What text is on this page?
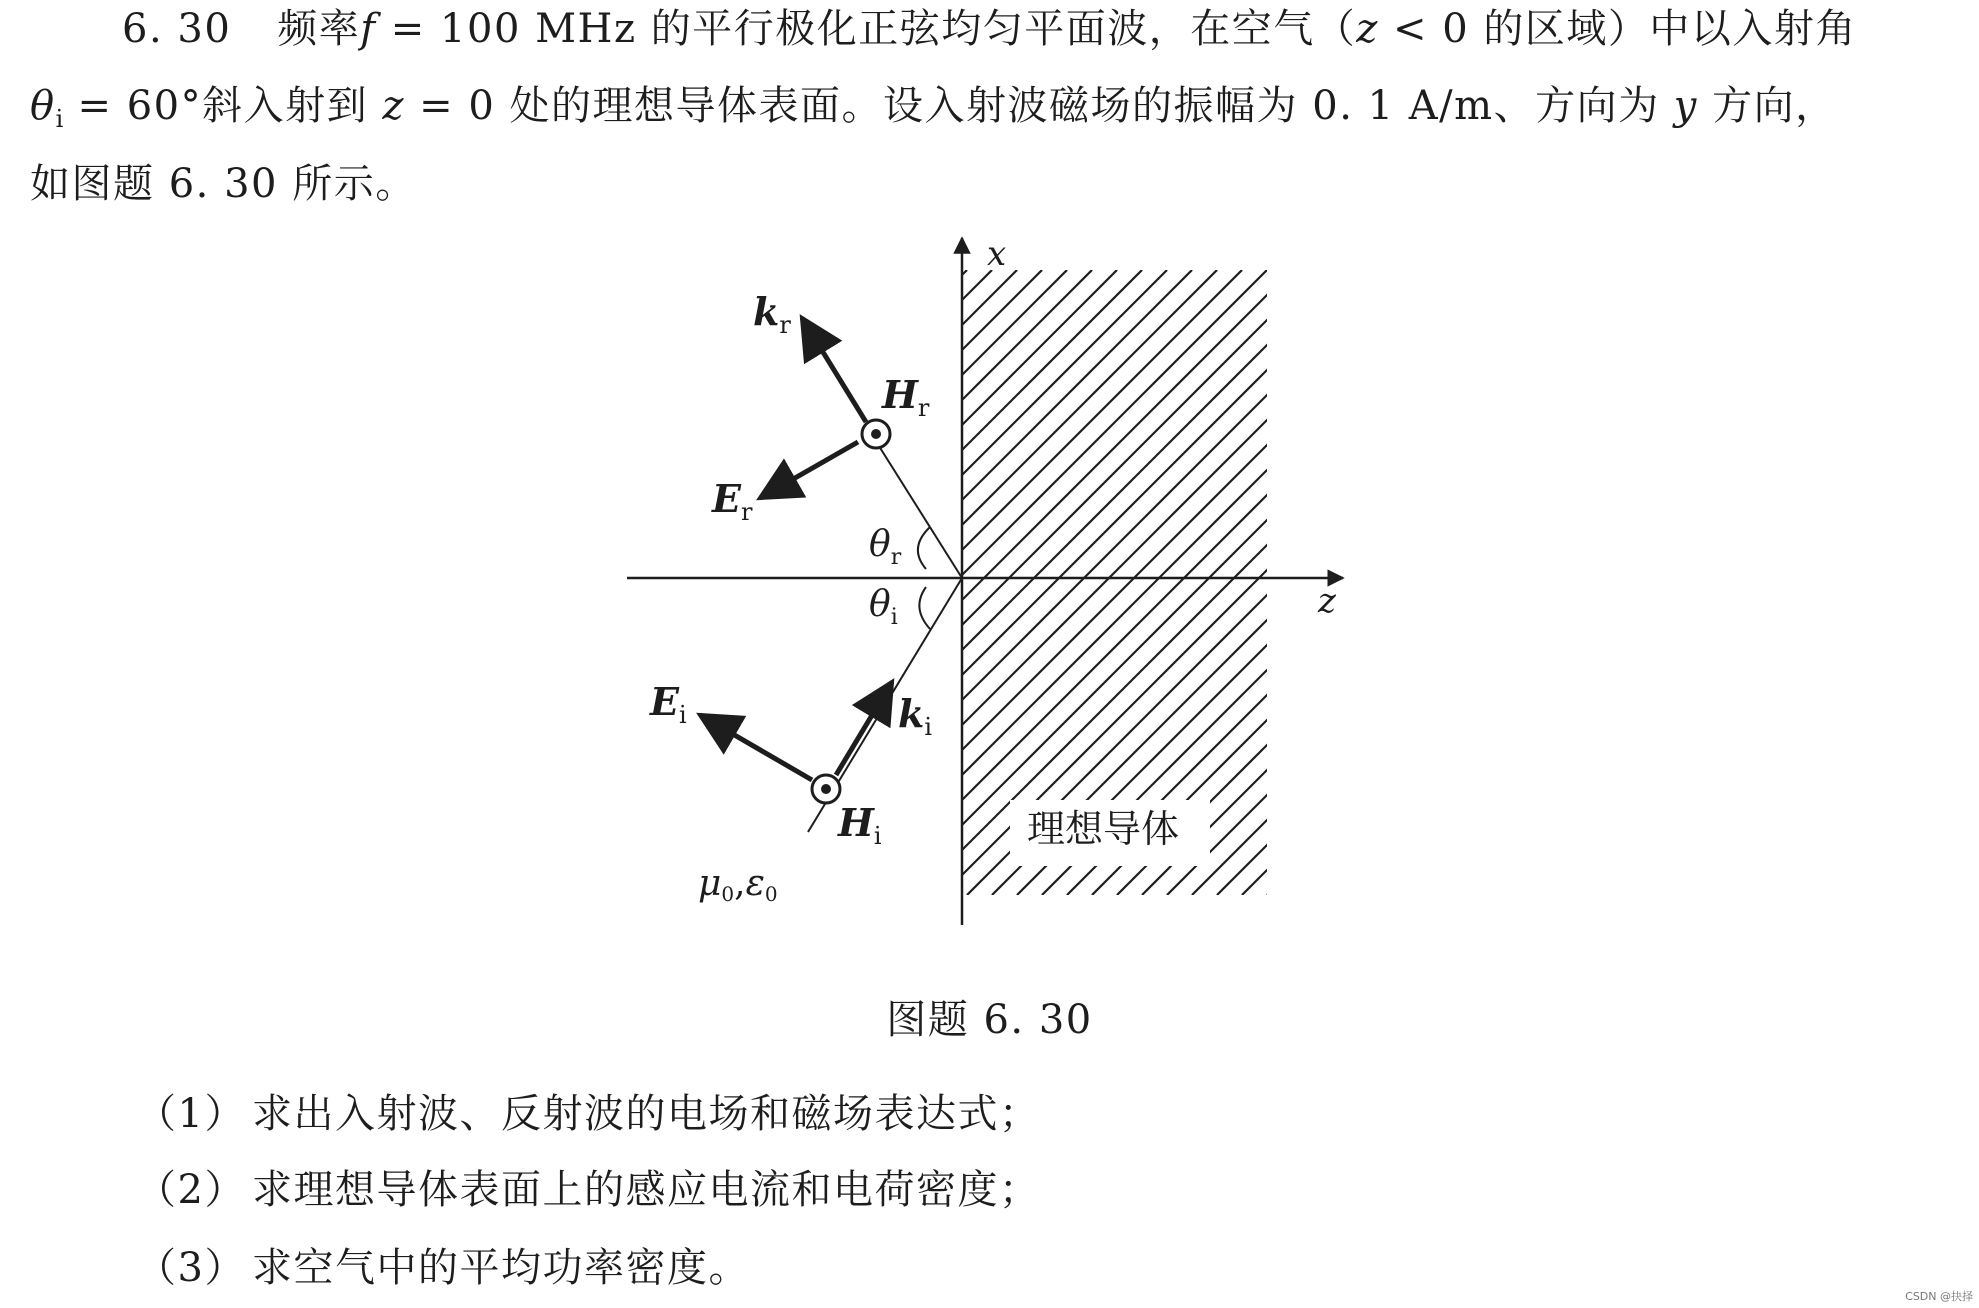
6. 30 频率f = 100 MHz 的平行极化正弦均匀平面波，在空气（z < 0 的区域）中以入射角
$\theta_i = 60^\circ$斜入射到 z = 0 处的理想导体表面。设入射波磁场的振幅为 0. 1 A/m、方向为 y 方向，
如图题 6. 30 所示。
理想导体
x
z
$k_r$
$H_r$
$E_r$
$E_i$	$k_i$
$H_i$
$\theta_r$
$\theta_i$
μ0,ε0
图题 6. 30
（1） 求出入射波、反射波的电场和磁场表达式；
（2） 求理想导体表面上的感应电流和电荷密度；
（3） 求空气中的平均功率密度。
CSDN @抉择
